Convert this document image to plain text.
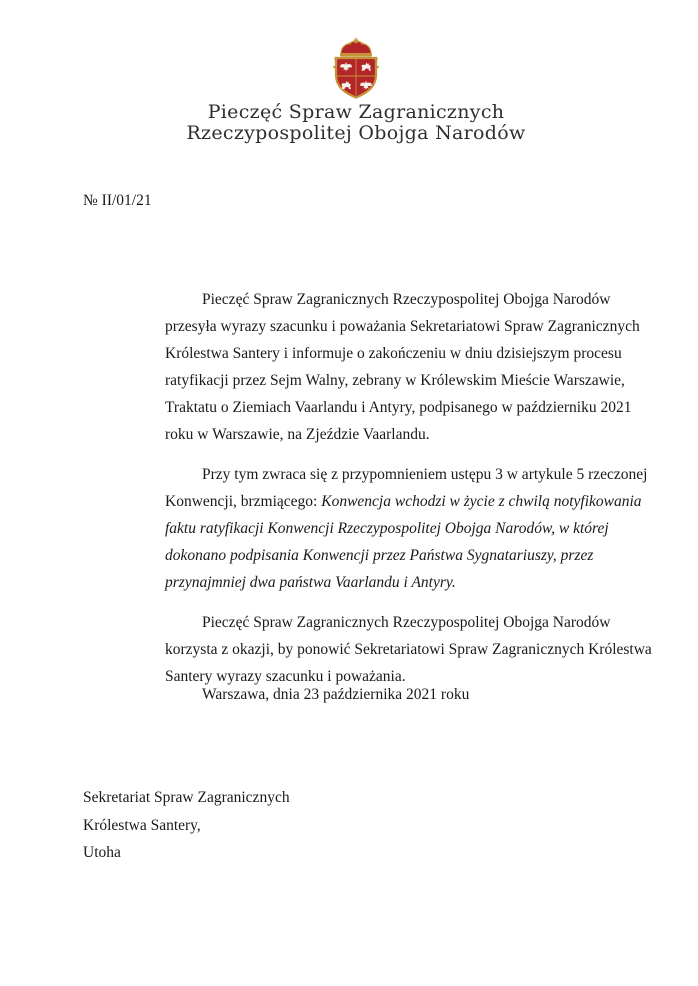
Pieczęć Spraw Zagranicznych
Rzeczypospolitej Obojga Narodów
№ II/01/21
Pieczęć Spraw Zagranicznych Rzeczypospolitej Obojga Narodów
przesyła wyrazy szacunku i poważania Sekretariatowi Spraw Zagranicznych
Królestwa Santery i informuje o zakończeniu w dniu dzisiejszym procesu
ratyfikacji przez Sejm Walny, zebrany w Królewskim Mieście Warszawie,
Traktatu o Ziemiach Vaarlandu i Antyry, podpisanego w październiku 2021
roku w Warszawie, na Zjeździe Vaarlandu.
Przy tym zwraca się z przypomnieniem ustępu 3 w artykule 5 rzeczonej
Konwencji, brzmiącego: Konwencja wchodzi w życie z chwilą notyfikowania
faktu ratyfikacji Konwencji Rzeczypospolitej Obojga Narodów, w której
dokonano podpisania Konwencji przez Państwa Sygnatariuszy, przez
przynajmniej dwa państwa Vaarlandu i Antyry.
Pieczęć Spraw Zagranicznych Rzeczypospolitej Obojga Narodów
korzysta z okazji, by ponowić Sekretariatowi Spraw Zagranicznych Królestwa
Santery wyrazy szacunku i poważania.
Warszawa, dnia 23 października 2021 roku
Sekretariat Spraw Zagranicznych
Królestwa Santery,
Utoha
